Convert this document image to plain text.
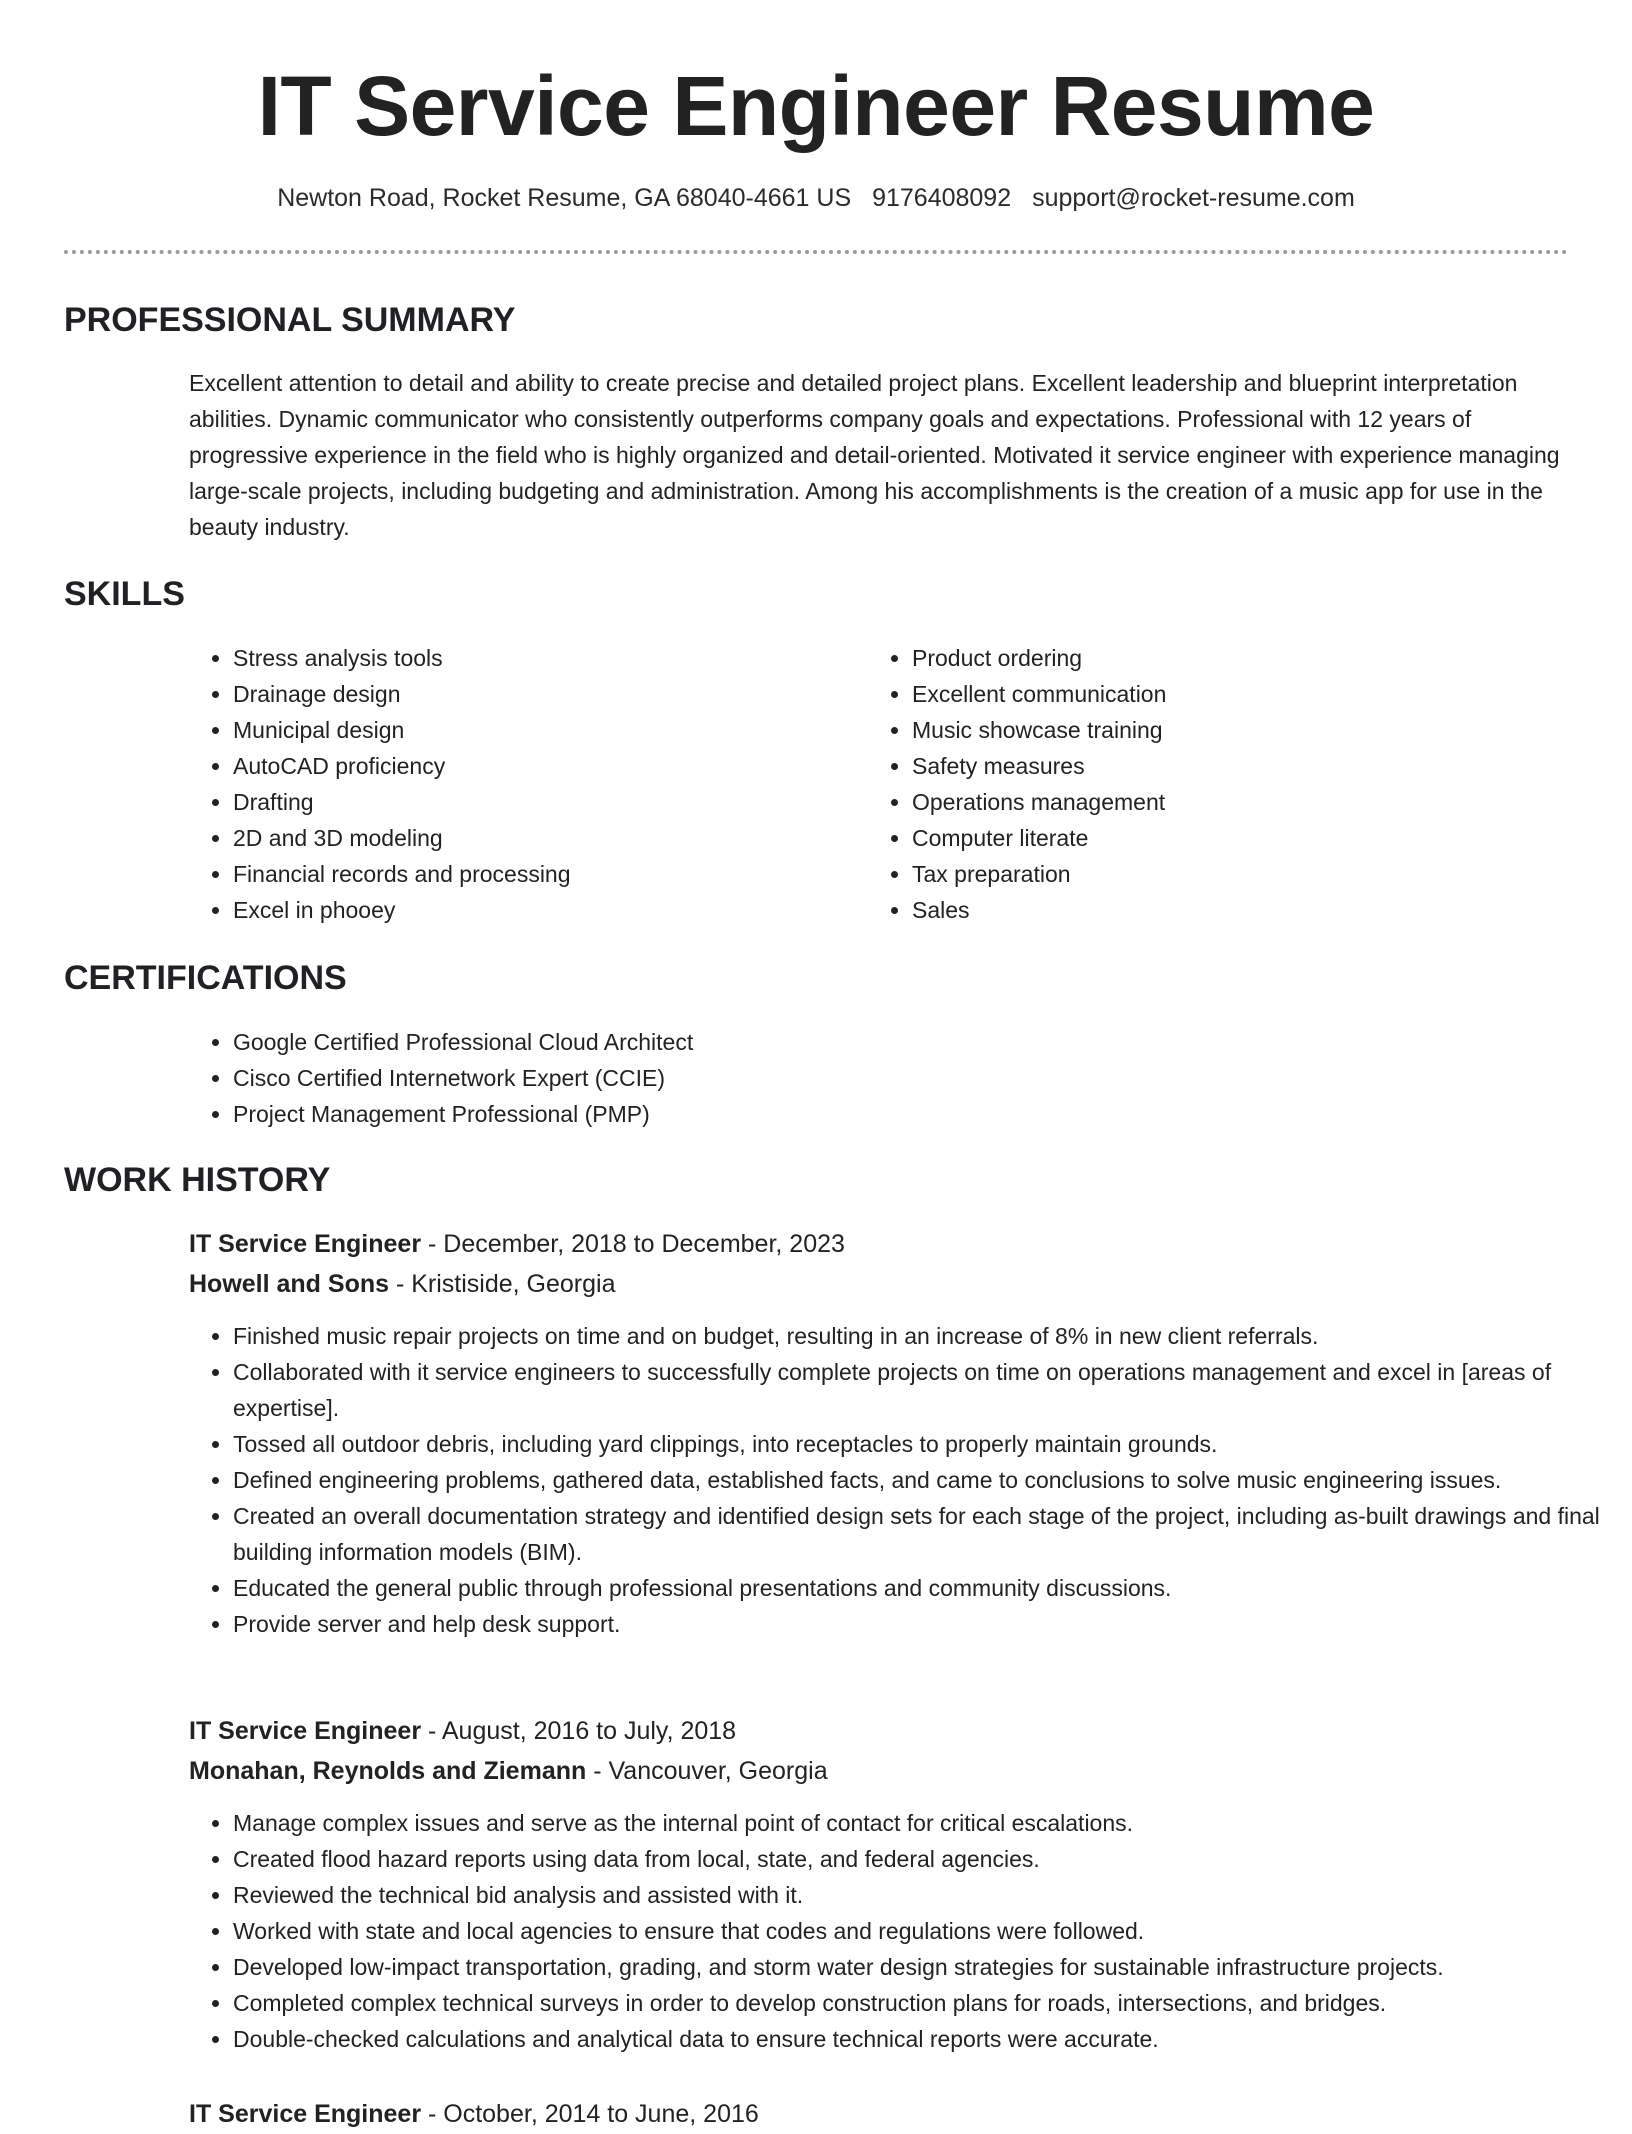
IT Service Engineer Resume
Newton Road, Rocket Resume, GA 68040-4661 US 9176408092 support@rocket-resume.com
PROFESSIONAL SUMMARY

Excellent attention to detail and ability to create precise and detailed project plans. Excellent leadership and blueprint interpretation abilities. Dynamic communicator who consistently outperforms company goals and expectations. Professional with 12 years of progressive experience in the field who is highly organized and detail-oriented. Motivated it service engineer with experience managing large-scale projects, including budgeting and administration. Among his accomplishments is the creation of a music app for use in the beauty industry.

SKILLS
• Stress analysis tools
• Drainage design
• Municipal design
• AutoCAD proficiency
• Drafting
• 2D and 3D modeling
• Financial records and processing
• Excel in phooey
• Product ordering
• Excellent communication
• Music showcase training
• Safety measures
• Operations management
• Computer literate
• Tax preparation
• Sales
CERTIFICATIONS
• Google Certified Professional Cloud Architect
• Cisco Certified Internetwork Expert (CCIE)
• Project Management Professional (PMP)
WORK HISTORY
IT Service Engineer - December, 2018 to December, 2023
Howell and Sons - Kristiside, Georgia
• Finished music repair projects on time and on budget, resulting in an increase of 8% in new client referrals.
• Collaborated with it service engineers to successfully complete projects on time on operations management and excel in [areas of expertise].
• Tossed all outdoor debris, including yard clippings, into receptacles to properly maintain grounds.
• Defined engineering problems, gathered data, established facts, and came to conclusions to solve music engineering issues.
• Created an overall documentation strategy and identified design sets for each stage of the project, including as-built drawings and final building information models (BIM).
• Educated the general public through professional presentations and community discussions.
• Provide server and help desk support.
IT Service Engineer - August, 2016 to July, 2018
Monahan, Reynolds and Ziemann - Vancouver, Georgia
• Manage complex issues and serve as the internal point of contact for critical escalations.
• Created flood hazard reports using data from local, state, and federal agencies.
• Reviewed the technical bid analysis and assisted with it.
• Worked with state and local agencies to ensure that codes and regulations were followed.
• Developed low-impact transportation, grading, and storm water design strategies for sustainable infrastructure projects.
• Completed complex technical surveys in order to develop construction plans for roads, intersections, and bridges.
• Double-checked calculations and analytical data to ensure technical reports were accurate.
IT Service Engineer - October, 2014 to June, 2016
